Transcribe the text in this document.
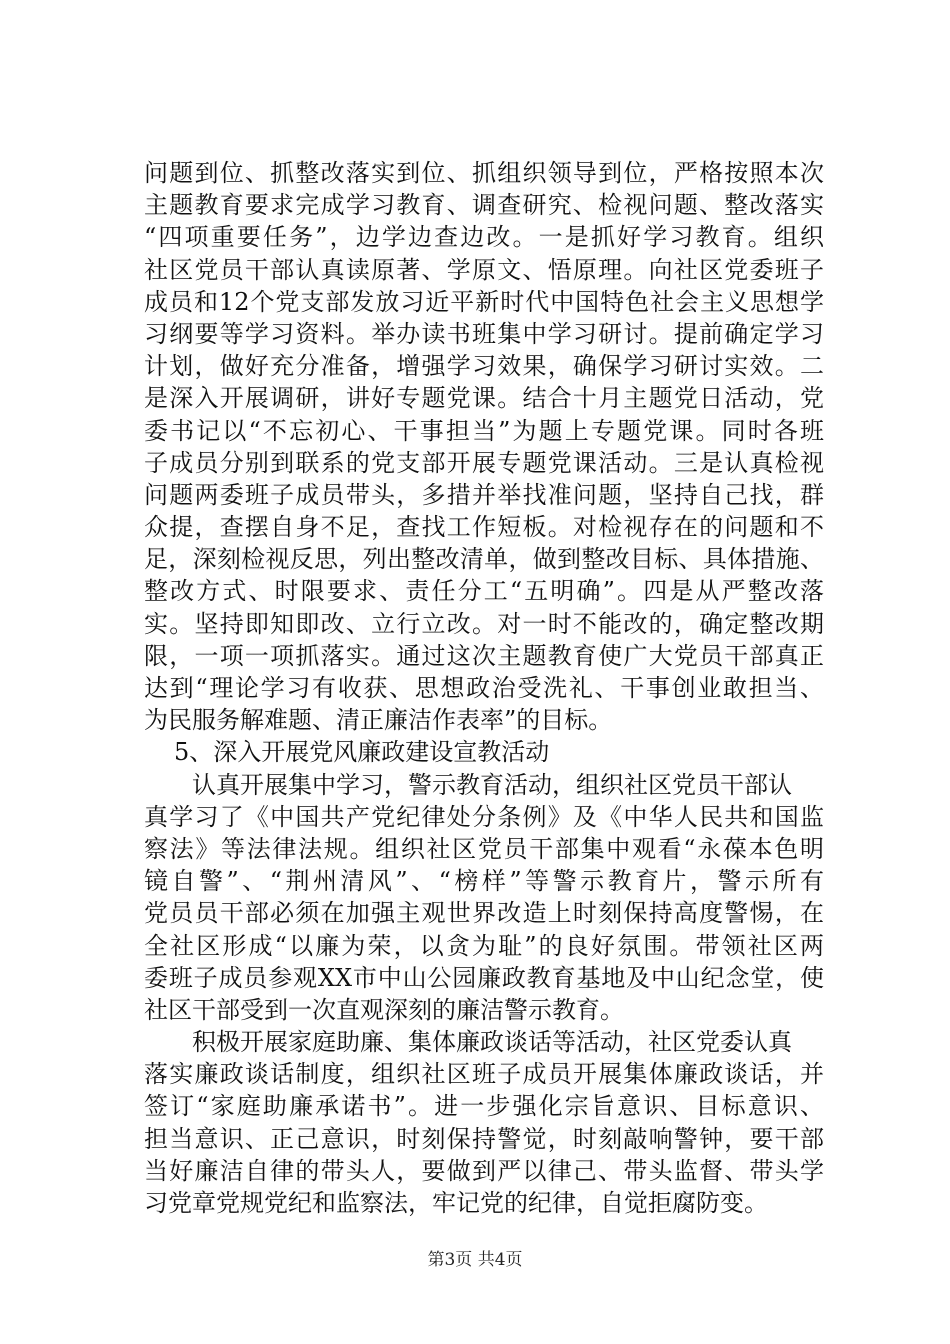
问题到位、抓整改落实到位、抓组织领导到位，严格按照本次
主题教育要求完成学习教育、调查研究、检视问题、整改落实
“四项重要任务”，边学边查边改。一是抓好学习教育。组织
社区党员干部认真读原著、学原文、悟原理。向社区党委班子
成员和12个党支部发放习近平新时代中国特色社会主义思想学
习纲要等学习资料。举办读书班集中学习研讨。提前确定学习
计划，做好充分准备，增强学习效果，确保学习研讨实效。二
是深入开展调研，讲好专题党课。结合十月主题党日活动，党
委书记以“不忘初心、干事担当”为题上专题党课。同时各班
子成员分别到联系的党支部开展专题党课活动。三是认真检视
问题两委班子成员带头，多措并举找准问题，坚持自己找，群
众提，查摆自身不足，查找工作短板。对检视存在的问题和不
足，深刻检视反思，列出整改清单，做到整改目标、具体措施、
整改方式、时限要求、责任分工“五明确”。四是从严整改落
实。坚持即知即改、立行立改。对一时不能改的，确定整改期
限，一项一项抓落实。通过这次主题教育使广大党员干部真正
达到“理论学习有收获、思想政治受洗礼、干事创业敢担当、
为民服务解难题、清正廉洁作表率”的目标。
5、深入开展党风廉政建设宣教活动
认真开展集中学习，警示教育活动，组织社区党员干部认
真学习了《中国共产党纪律处分条例》及《中华人民共和国监
察法》等法律法规。组织社区党员干部集中观看“永葆本色明
镜自警”、“荆州清风”、“榜样”等警示教育片，警示所有
党员员干部必须在加强主观世界改造上时刻保持高度警惕，在
全社区形成“以廉为荣，以贪为耻”的良好氛围。带领社区两
委班子成员参观XX市中山公园廉政教育基地及中山纪念堂，使
社区干部受到一次直观深刻的廉洁警示教育。
积极开展家庭助廉、集体廉政谈话等活动，社区党委认真
落实廉政谈话制度，组织社区班子成员开展集体廉政谈话，并
签订“家庭助廉承诺书”。进一步强化宗旨意识、目标意识、
担当意识、正己意识，时刻保持警觉，时刻敲响警钟，要干部
当好廉洁自律的带头人，要做到严以律己、带头监督、带头学
习党章党规党纪和监察法，牢记党的纪律，自觉拒腐防变。
第3页 共4页
